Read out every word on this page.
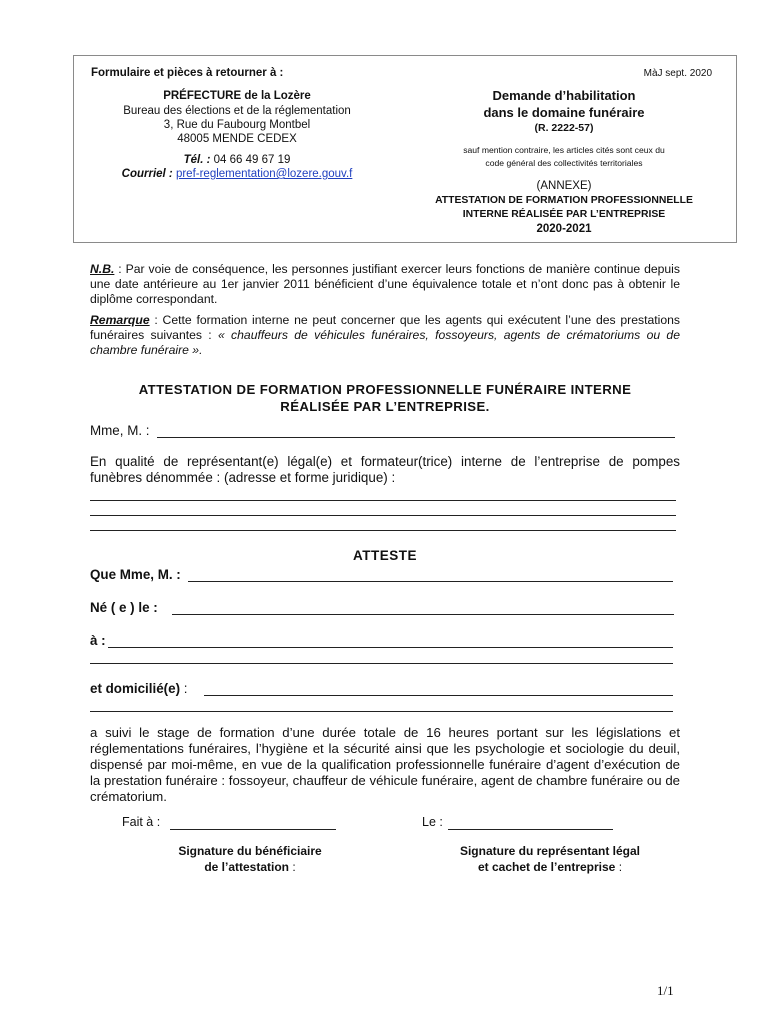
Formulaire et pièces à retourner à :	MàJ sept. 2020
PRÉFECTURE de la Lozère
Bureau des élections et de la réglementation
3, Rue du Faubourg Montbel
48005 MENDE CEDEX
Tél. : 04 66 49 67 19
Courriel : pref-reglementation@lozere.gouv.f
Demande d’habilitation
dans le domaine funéraire
(R. 2222-57)
sauf mention contraire, les articles cités sont ceux du
code général des collectivités territoriales
(ANNEXE)
ATTESTATION DE FORMATION PROFESSIONNELLE
INTERNE RÉALISÉE PAR L’ENTREPRISE
2020-2021
N.B. : Par voie de conséquence, les personnes justifiant exercer leurs fonctions de manière continue depuis une date antérieure au 1er janvier 2011 bénéficient d’une équivalence totale et n’ont donc pas à obtenir le diplôme correspondant.
Remarque : Cette formation interne ne peut concerner que les agents qui exécutent l’une des prestations funéraires suivantes : « chauffeurs de véhicules funéraires, fossoyeurs, agents de crématoriums ou de chambre funéraire ».
ATTESTATION DE FORMATION PROFESSIONNELLE FUNÉRAIRE INTERNE
RÉALISÉE PAR L’ENTREPRISE.
Mme, M. :
En qualité de représentant(e) légal(e) et formateur(trice) interne de l’entreprise de pompes funèbres dénommée : (adresse et forme juridique) :
ATTESTE
Que Mme, M. :
Né ( e ) le :
à :
et domicilié(e) :
a suivi le stage de formation d’une durée totale de 16 heures portant sur les législations et réglementations funéraires, l’hygiène et la sécurité ainsi que les psychologie et sociologie du deuil, dispensé par moi-même, en vue de la qualification professionnelle funéraire d’agent d’exécution de la prestation funéraire : fossoyeur, chauffeur de véhicule funéraire, agent de chambre funéraire ou de crématorium.
Fait à :	Le :
Signature du bénéficiaire
de l’attestation :
Signature du représentant légal
et cachet de l’entreprise :
1/1
